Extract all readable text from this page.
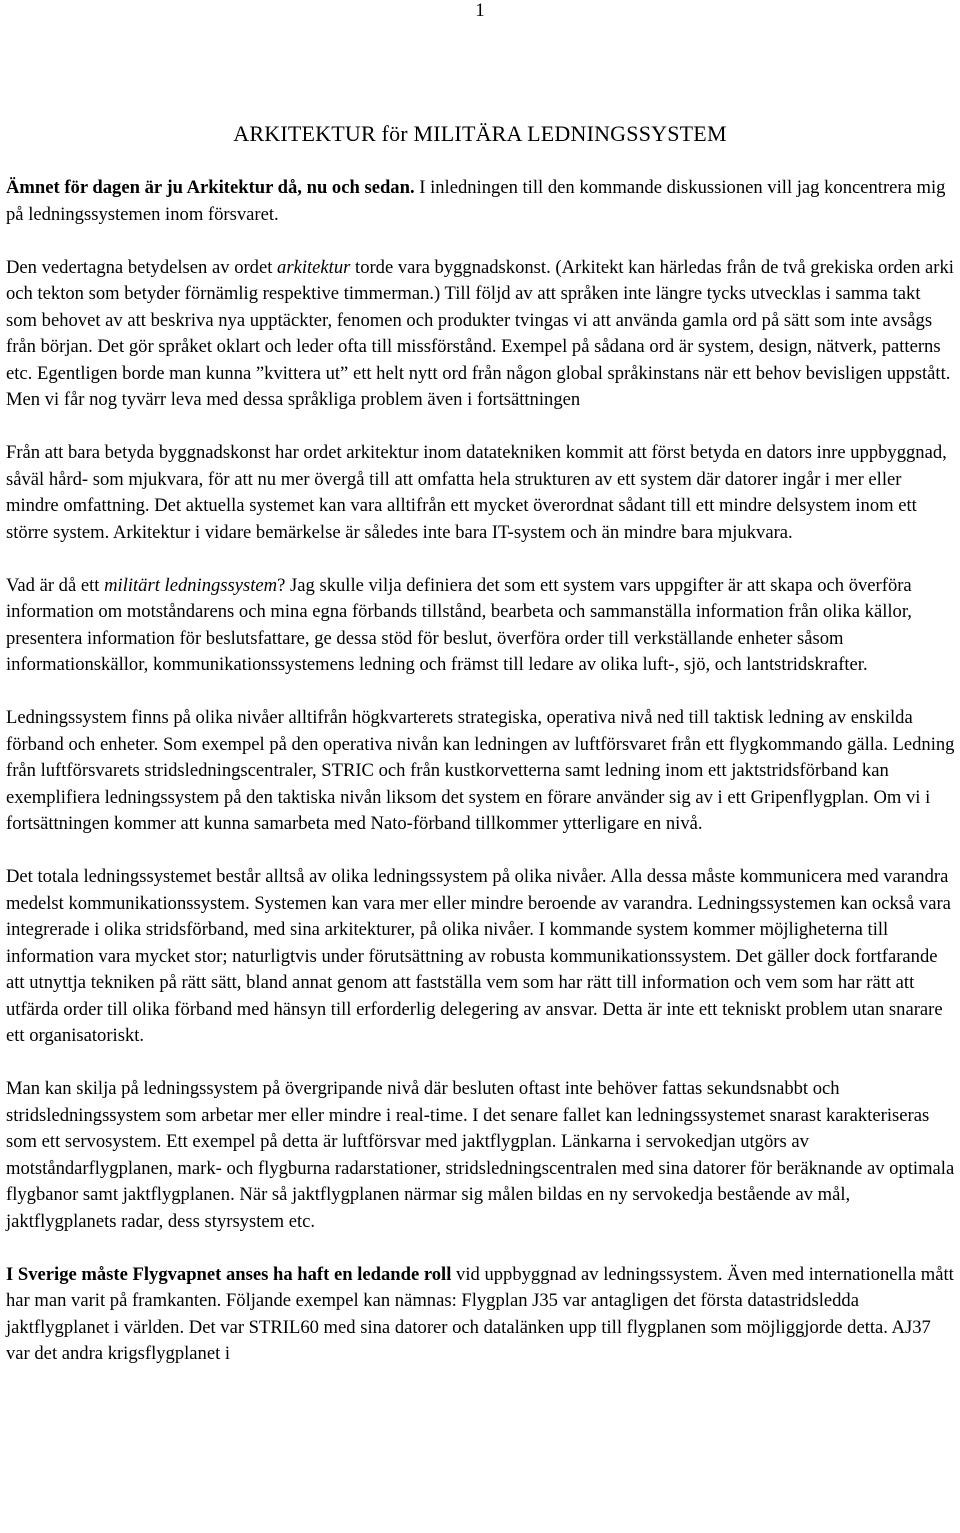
1
ARKITEKTUR för MILITÄRA LEDNINGSSYSTEM

Ämnet för dagen är ju Arkitektur då, nu och sedan. I inledningen till den kommande diskussionen vill jag koncentrera mig på ledningssystemen inom försvaret.

Den vedertagna betydelsen av ordet arkitektur torde vara byggnadskonst. (Arkitekt kan härledas från de två grekiska orden arki och tekton som betyder förnämlig respektive timmerman.) Till följd av att språken inte längre tycks utvecklas i samma takt som behovet av att beskriva nya upptäckter, fenomen och produkter tvingas vi att använda gamla ord på sätt som inte avsågs från början. Det gör språket oklart och leder ofta till missförstånd. Exempel på sådana ord är system, design, nätverk, patterns etc. Egentligen borde man kunna ”kvittera ut” ett helt nytt ord från någon global språkinstans när ett behov bevisligen uppstått. Men vi får nog tyvärr leva med dessa språkliga problem även i fortsättningen

Från att bara betyda byggnadskonst har ordet arkitektur inom datatekniken kommit att först betyda en dators inre uppbyggnad, såväl hård- som mjukvara, för att nu mer övergå till att omfatta hela strukturen av ett system där datorer ingår i mer eller mindre omfattning. Det aktuella systemet kan vara alltifrån ett mycket överordnat sådant till ett mindre delsystem inom ett större system. Arkitektur i vidare bemärkelse är således inte bara IT-system och än mindre bara mjukvara.

Vad är då ett militärt ledningssystem? Jag skulle vilja definiera det som ett system vars uppgifter är att skapa och överföra information om motståndarens och mina egna förbands tillstånd, bearbeta och sammanställa information från olika källor, presentera information för beslutsfattare, ge dessa stöd för beslut, överföra order till verkställande enheter såsom informationskällor, kommunikationssystemens ledning och främst till ledare av olika luft-, sjö, och lantstridskrafter.

Ledningssystem finns på olika nivåer alltifrån högkvarterets strategiska, operativa nivå ned till taktisk ledning av enskilda förband och enheter. Som exempel på den operativa nivån kan ledningen av luftförsvaret från ett flygkommando gälla. Ledning från luftförsvarets stridsledningscentraler, STRIC och från kustkorvetterna samt ledning inom ett jaktstridsförband kan exemplifiera ledningssystem på den taktiska nivån liksom det system en förare använder sig av i ett Gripenflygplan. Om vi i fortsättningen kommer att kunna samarbeta med Nato-förband tillkommer ytterligare en nivå.

Det totala ledningssystemet består alltså av olika ledningssystem på olika nivåer. Alla dessa måste kommunicera med varandra medelst kommunikationssystem. Systemen kan vara mer eller mindre beroende av varandra. Ledningssystemen kan också vara integrerade i olika stridsförband, med sina arkitekturer, på olika nivåer. I kommande system kommer möjligheterna till information vara mycket stor; naturligtvis under förutsättning av robusta kommunikationssystem. Det gäller dock fortfarande att utnyttja tekniken på rätt sätt, bland annat genom att fastställa vem som har rätt till information och vem som har rätt att utfärda order till olika förband med hänsyn till erforderlig delegering av ansvar. Detta är inte ett tekniskt problem utan snarare ett organisatoriskt.

Man kan skilja på ledningssystem på övergripande nivå där besluten oftast inte behöver fattas sekundsnabbt och stridsledningssystem som arbetar mer eller mindre i real-time. I det senare fallet kan ledningssystemet snarast karakteriseras som ett servosystem. Ett exempel på detta är luftförsvar med jaktflygplan. Länkarna i servokedjan utgörs av motståndarflygplanen, mark- och flygburna radarstationer, stridsledningscentralen med sina datorer för beräknande av optimala flygbanor samt jaktflygplanen. När så jaktflygplanen närmar sig målen bildas en ny servokedja bestående av mål, jaktflygplanets radar, dess styrsystem etc.

I Sverige måste Flygvapnet anses ha haft en ledande roll vid uppbyggnad av ledningssystem. Även med internationella mått har man varit på framkanten. Följande exempel kan nämnas: Flygplan J35 var antagligen det första datastridsledda jaktflygplanet i världen. Det var STRIL60 med sina datorer och datalänken upp till flygplanen som möjliggjorde detta. AJ37 var det andra krigsflygplanet i
